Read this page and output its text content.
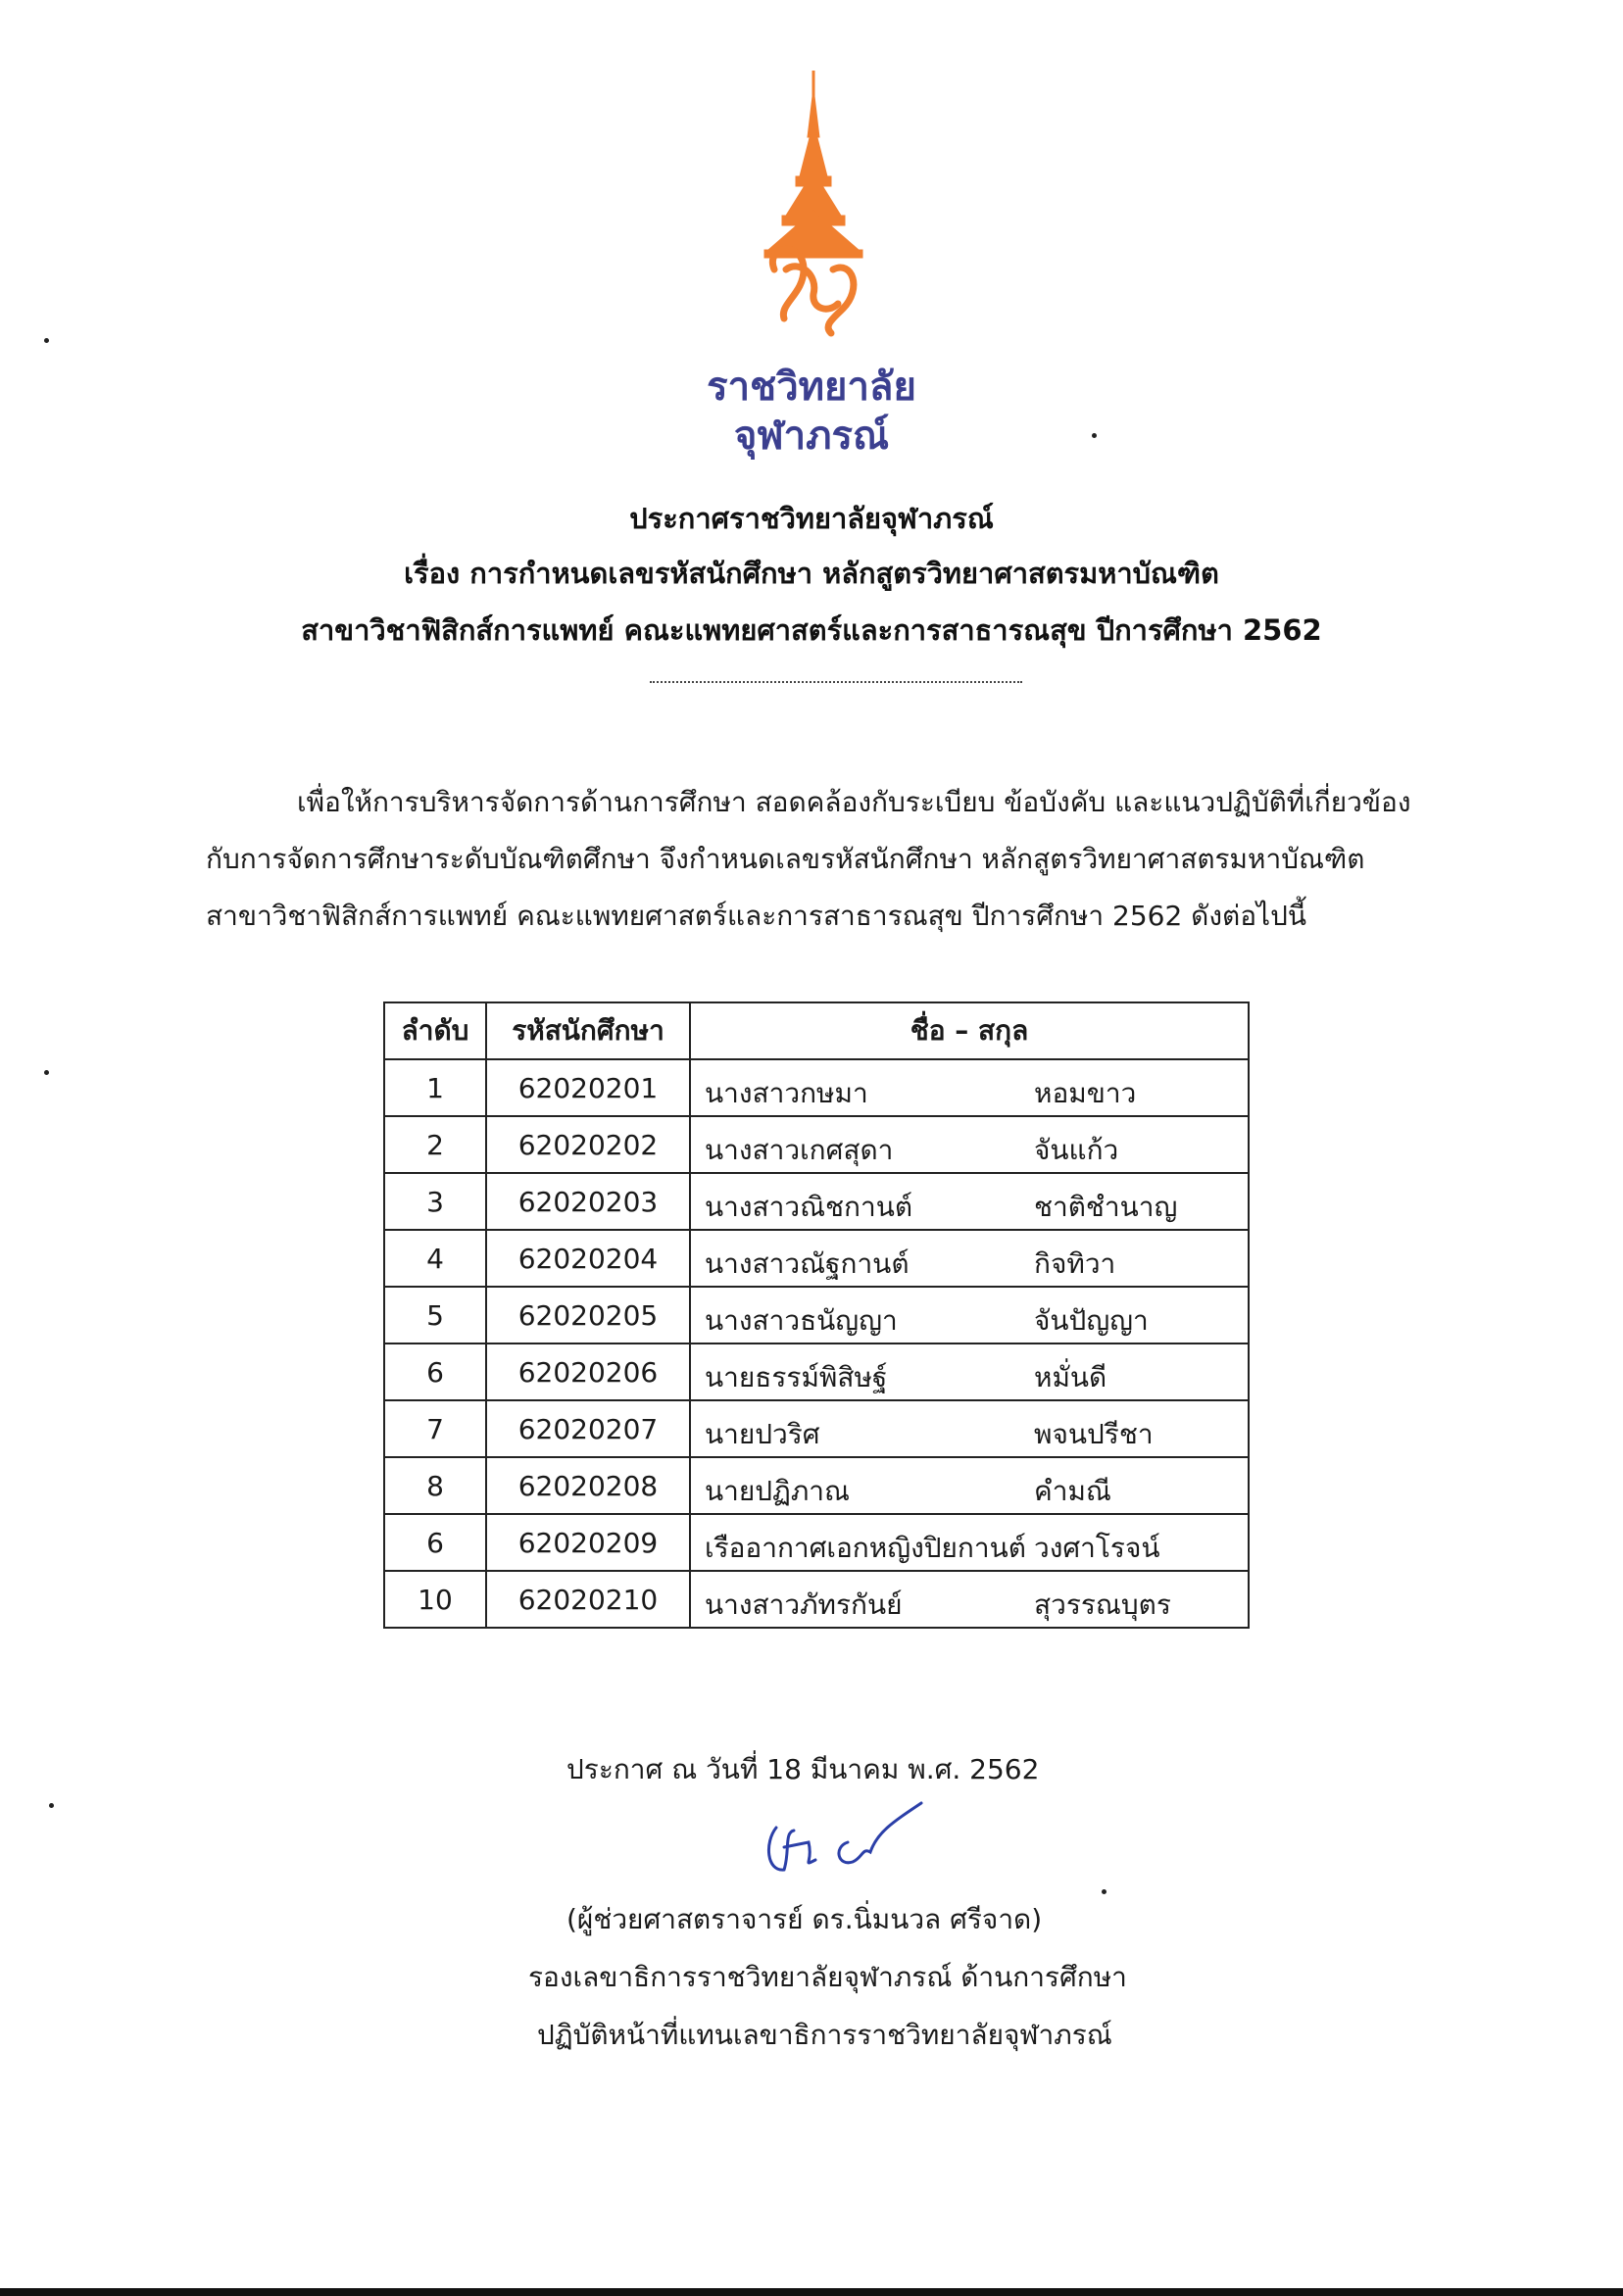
ราชวิทยาลัย
จุฬาภรณ์
ประกาศราชวิทยาลัยจุฬาภรณ์
เรื่อง การกำหนดเลขรหัสนักศึกษา หลักสูตรวิทยาศาสตรมหาบัณฑิต
สาขาวิชาฟิสิกส์การแพทย์ คณะแพทยศาสตร์และการสาธารณสุข ปีการศึกษา 2562
เพื่อให้การบริหารจัดการด้านการศึกษา สอดคล้องกับระเบียบ ข้อบังคับ และแนวปฏิบัติที่เกี่ยวข้อง
กับการจัดการศึกษาระดับบัณฑิตศึกษา จึงกำหนดเลขรหัสนักศึกษา หลักสูตรวิทยาศาสตรมหาบัณฑิต
สาขาวิชาฟิสิกส์การแพทย์ คณะแพทยศาสตร์และการสาธารณสุข ปีการศึกษา 2562 ดังต่อไปนี้
ลำดับ	รหัสนักศึกษา	ชื่อ – สกุล
1	62020201	นางสาวกษมา หอมขาว

2	62020202	นางสาวเกศสุดา จันแก้ว

3	62020203	นางสาวณิชกานต์ ชาติชำนาญ

4	62020204	นางสาวณัฐกานต์ กิจทิวา

5	62020205	นางสาวธนัญญา จันปัญญา

6	62020206	นายธรรม์พิสิษฐ์ หมั่นดี

7	62020207	นายปวริศ พจนปรีชา

8	62020208	นายปฏิภาณ คำมณี

6	62020209	เรืออากาศเอกหญิงปิยกานต์ วงศาโรจน์

10	62020210	นางสาวภัทรกันย์ สุวรรณบุตร
ประกาศ ณ วันที่ 18 มีนาคม พ.ศ. 2562
(ผู้ช่วยศาสตราจารย์ ดร.นิ่มนวล ศรีจาด)
รองเลขาธิการราชวิทยาลัยจุฬาภรณ์ ด้านการศึกษา
ปฏิบัติหน้าที่แทนเลขาธิการราชวิทยาลัยจุฬาภรณ์
